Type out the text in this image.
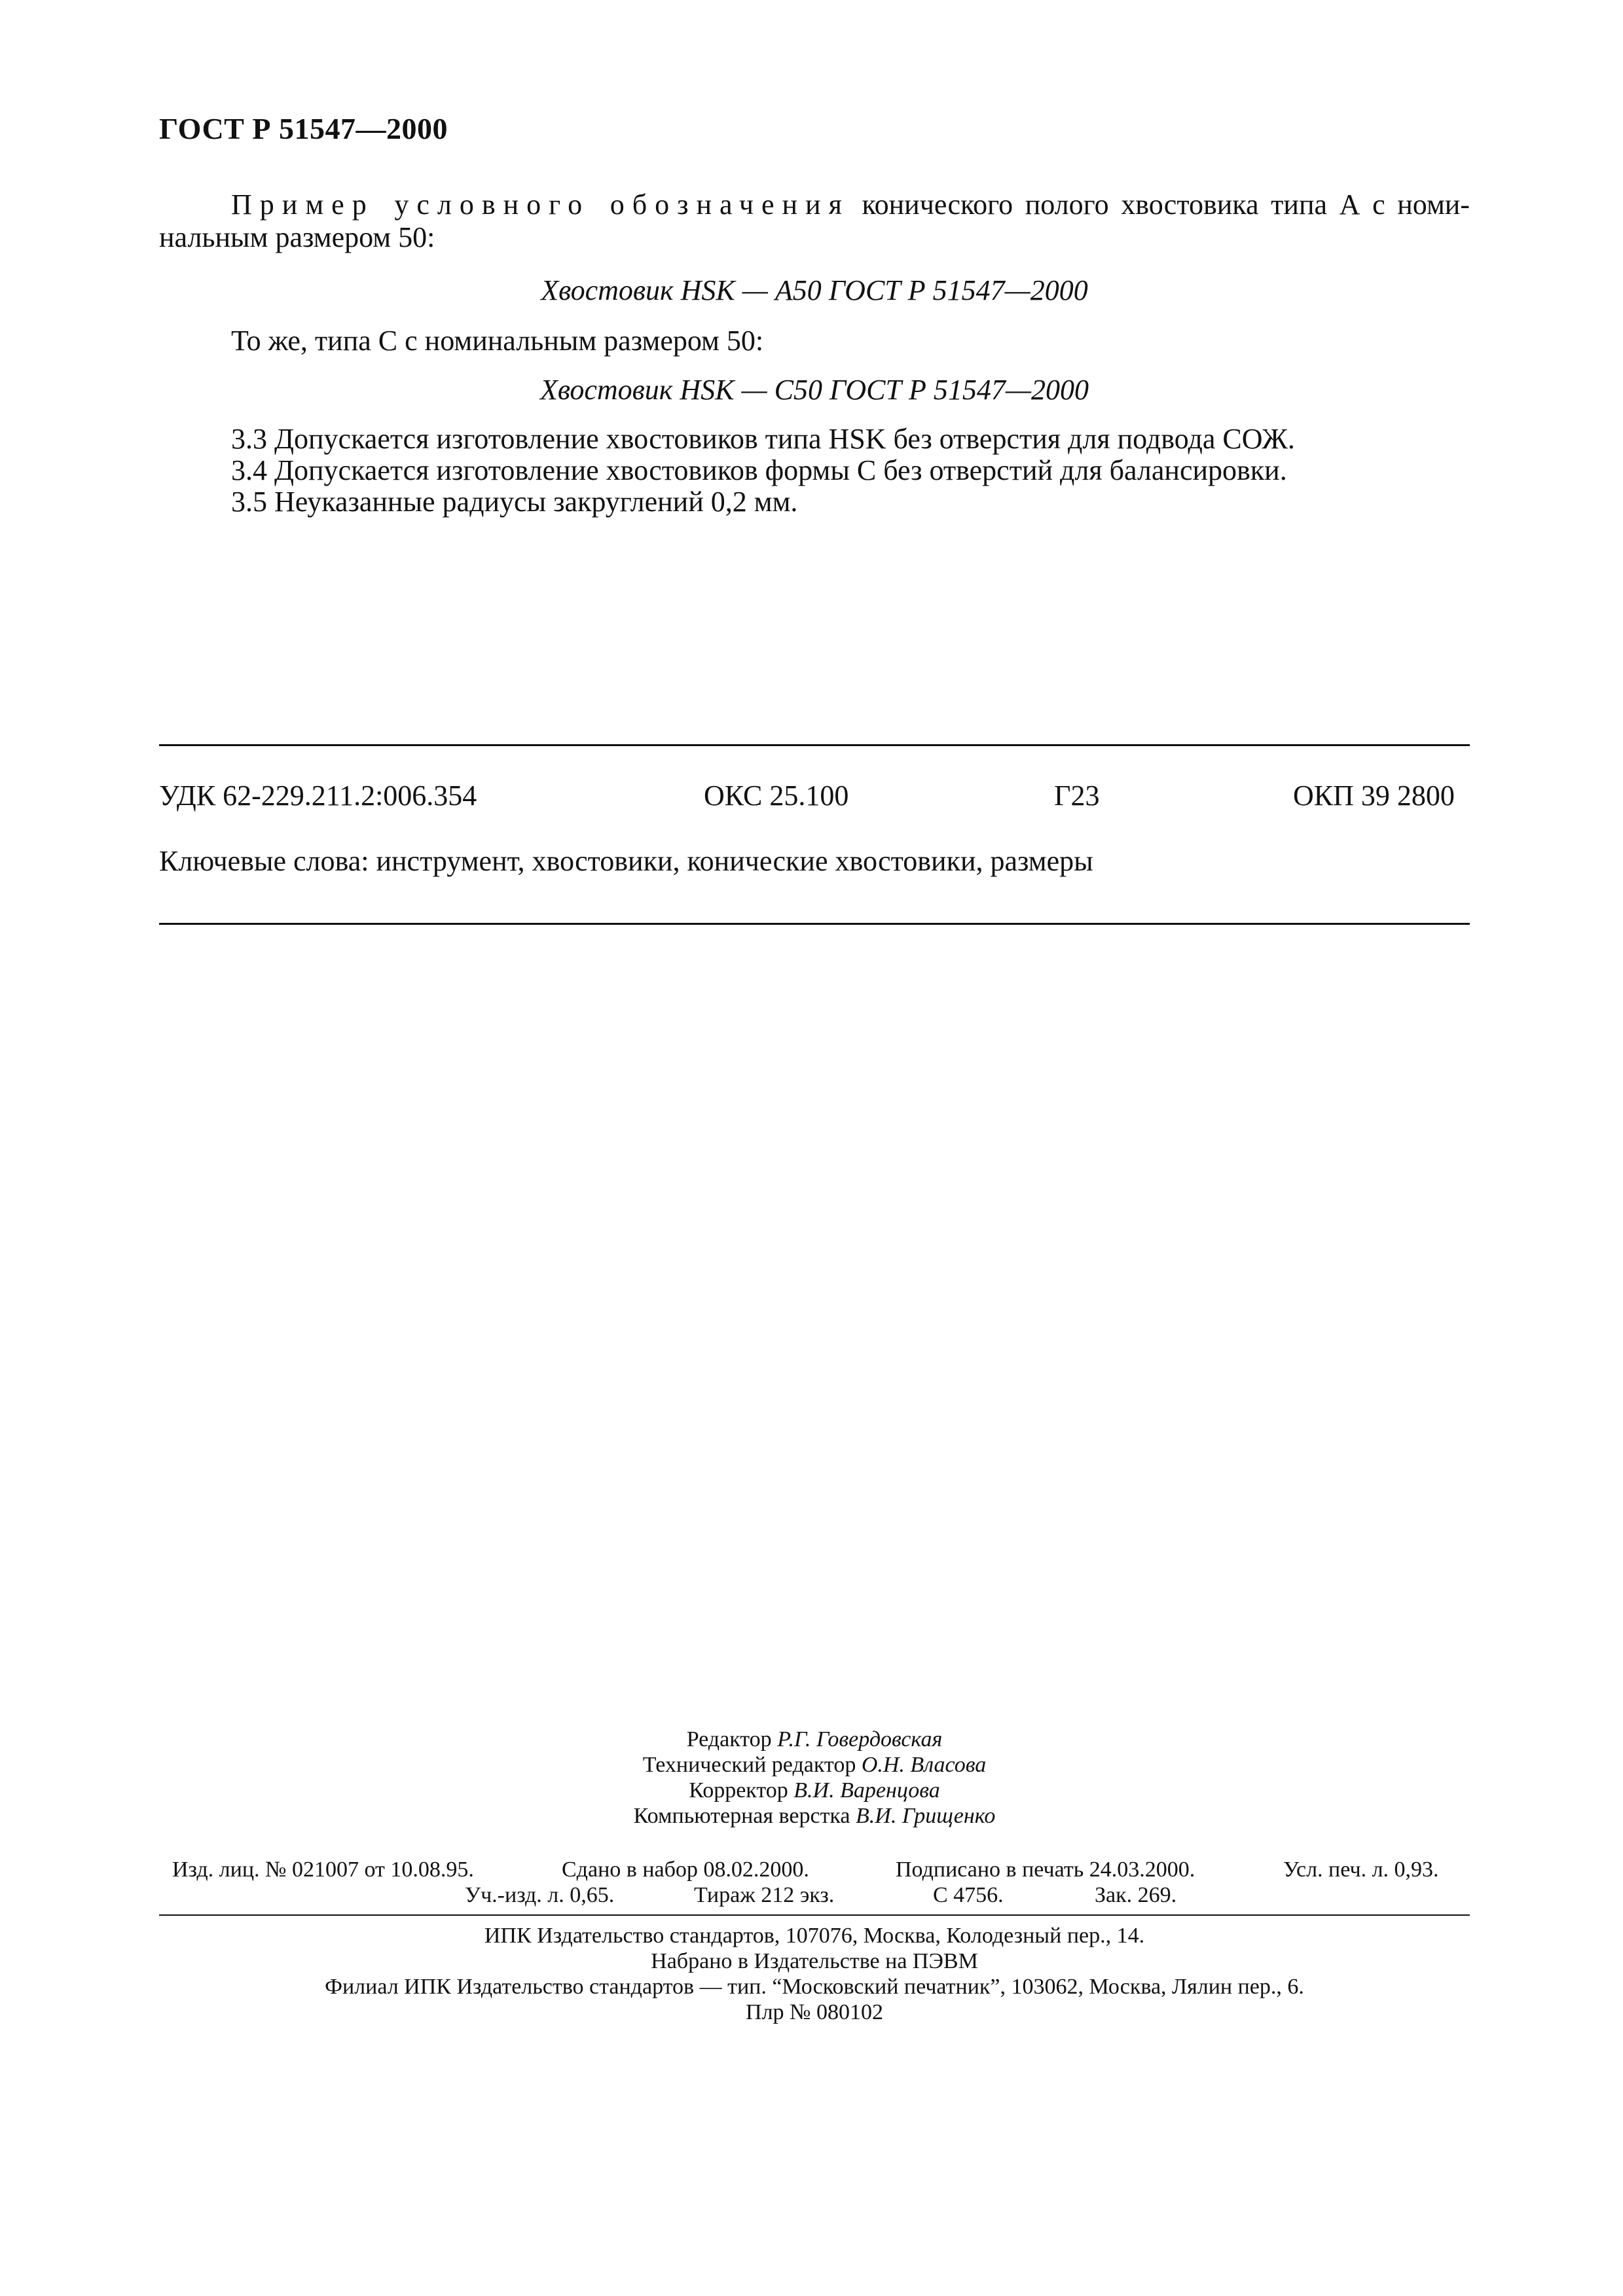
ГОСТ Р 51547—2000
Пример условного обозначения конического полого хвостовика типа А с номи-нальным размером 50:
Хвостовик HSK — А50 ГОСТ Р 51547—2000
То же, типа С с номинальным размером 50:
Хвостовик HSK — С50 ГОСТ Р 51547—2000
3.3 Допускается изготовление хвостовиков типа HSK без отверстия для подвода СОЖ.
3.4 Допускается изготовление хвостовиков формы С без отверстий для балансировки.
3.5 Неуказанные радиусы закруглений 0,2 мм.
УДК 62-229.211.2:006.354	ОКС 25.100	Г23	ОКП 39 2800
Ключевые слова: инструмент, хвостовики, конические хвостовики, размеры
Редактор Р.Г. Говердовская
Технический редактор О.Н. Власова
Корректор В.И. Варенцова
Компьютерная верстка В.И. Грищенко
Изд. лиц. № 021007 от 10.08.95.	Сдано в набор 08.02.2000.	Подписано в печать 24.03.2000.	Усл. печ. л. 0,93.
Уч.-изд. л. 0,65.	Тираж 212 экз.	С 4756.	Зак. 269.
ИПК Издательство стандартов, 107076, Москва, Колодезный пер., 14.
Набрано в Издательстве на ПЭВМ
Филиал ИПК Издательство стандартов — тип. “Московский печатник”, 103062, Москва, Лялин пер., 6.
Плр № 080102
